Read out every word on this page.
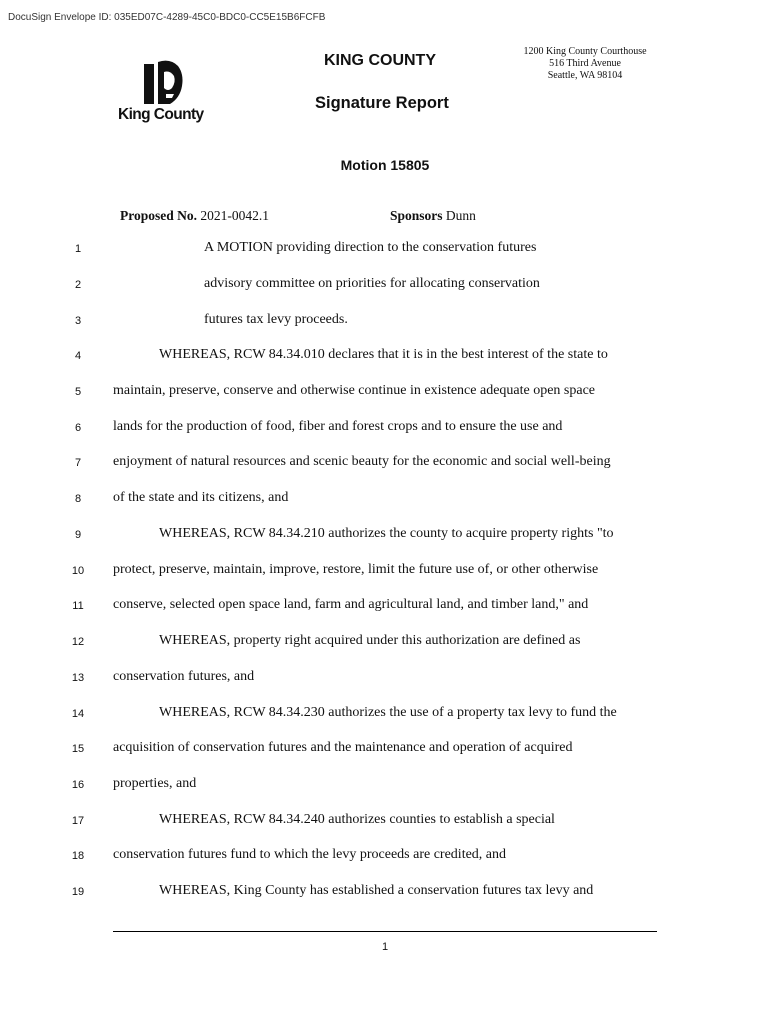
DocuSign Envelope ID: 035ED07C-4289-45C0-BDC0-CC5E15B6FCFB
King County
KING COUNTY
Signature Report
1200 King County Courthouse
516 Third Avenue
Seattle, WA 98104
Motion 15805
Proposed No. 2021-0042.1	Sponsors Dunn
1	A MOTION providing direction to the conservation futures
2	advisory committee on priorities for allocating conservation
3	futures tax levy proceeds.
4	WHEREAS, RCW 84.34.010 declares that it is in the best interest of the state to
5	maintain, preserve, conserve and otherwise continue in existence adequate open space
6	lands for the production of food, fiber and forest crops and to ensure the use and
7	enjoyment of natural resources and scenic beauty for the economic and social well-being
8	of the state and its citizens, and
9	WHEREAS, RCW 84.34.210 authorizes the county to acquire property rights "to
10	protect, preserve, maintain, improve, restore, limit the future use of, or other otherwise
11	conserve, selected open space land, farm and agricultural land, and timber land," and
12	WHEREAS, property right acquired under this authorization are defined as
13	conservation futures, and
14	WHEREAS, RCW 84.34.230 authorizes the use of a property tax levy to fund the
15	acquisition of conservation futures and the maintenance and operation of acquired
16	properties, and
17	WHEREAS, RCW 84.34.240 authorizes counties to establish a special
18	conservation futures fund to which the levy proceeds are credited, and
19	WHEREAS, King County has established a conservation futures tax levy and
1
